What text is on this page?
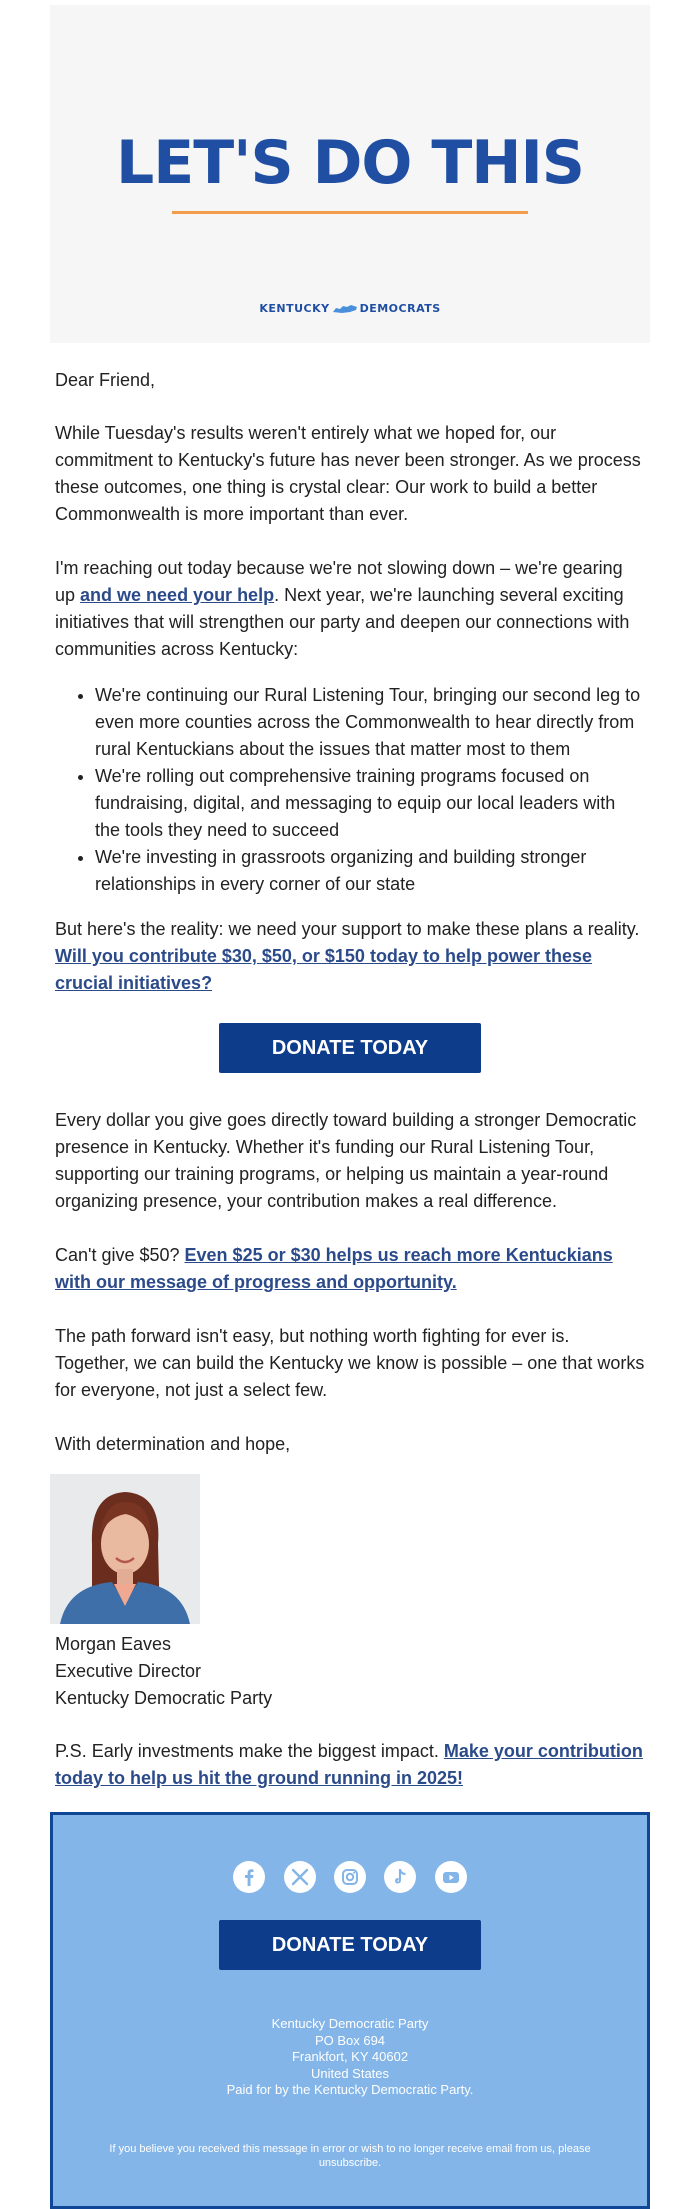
LET'S DO THIS
KENTUCKY	DEMOCRATS

Dear Friend,

While Tuesday's results weren't entirely what we hoped for, our commitment to Kentucky's future has never been stronger. As we process these outcomes, one thing is crystal clear: Our work to build a better Commonwealth is more important than ever.

I'm reaching out today because we're not slowing down – we're gearing up and we need your help. Next year, we're launching several exciting initiatives that will strengthen our party and deepen our connections with communities across Kentucky:

• We're continuing our Rural Listening Tour, bringing our second leg to even more counties across the Commonwealth to hear directly from rural Kentuckians about the issues that matter most to them
• We're rolling out comprehensive training programs focused on fundraising, digital, and messaging to equip our local leaders with the tools they need to succeed
• We're investing in grassroots organizing and building stronger relationships in every corner of our state

But here's the reality: we need your support to make these plans a reality. Will you contribute $30, $50, or $150 today to help power these crucial initiatives?

DONATE TODAY

Every dollar you give goes directly toward building a stronger Democratic presence in Kentucky. Whether it's funding our Rural Listening Tour, supporting our training programs, or helping us maintain a year-round organizing presence, your contribution makes a real difference.

Can't give $50? Even $25 or $30 helps us reach more Kentuckians with our message of progress and opportunity.

The path forward isn't easy, but nothing worth fighting for ever is. Together, we can build the Kentucky we know is possible – one that works for everyone, not just a select few.

With determination and hope,

Morgan Eaves

Executive Director

Kentucky Democratic Party

P.S. Early investments make the biggest impact. Make your contribution today to help us hit the ground running in 2025!

DONATE TODAY
Kentucky Democratic Party
PO Box 694
Frankfort, KY 40602
United States
Paid for by the Kentucky Democratic Party.
If you believe you received this message in error or wish to no longer receive email from us, please unsubscribe.
